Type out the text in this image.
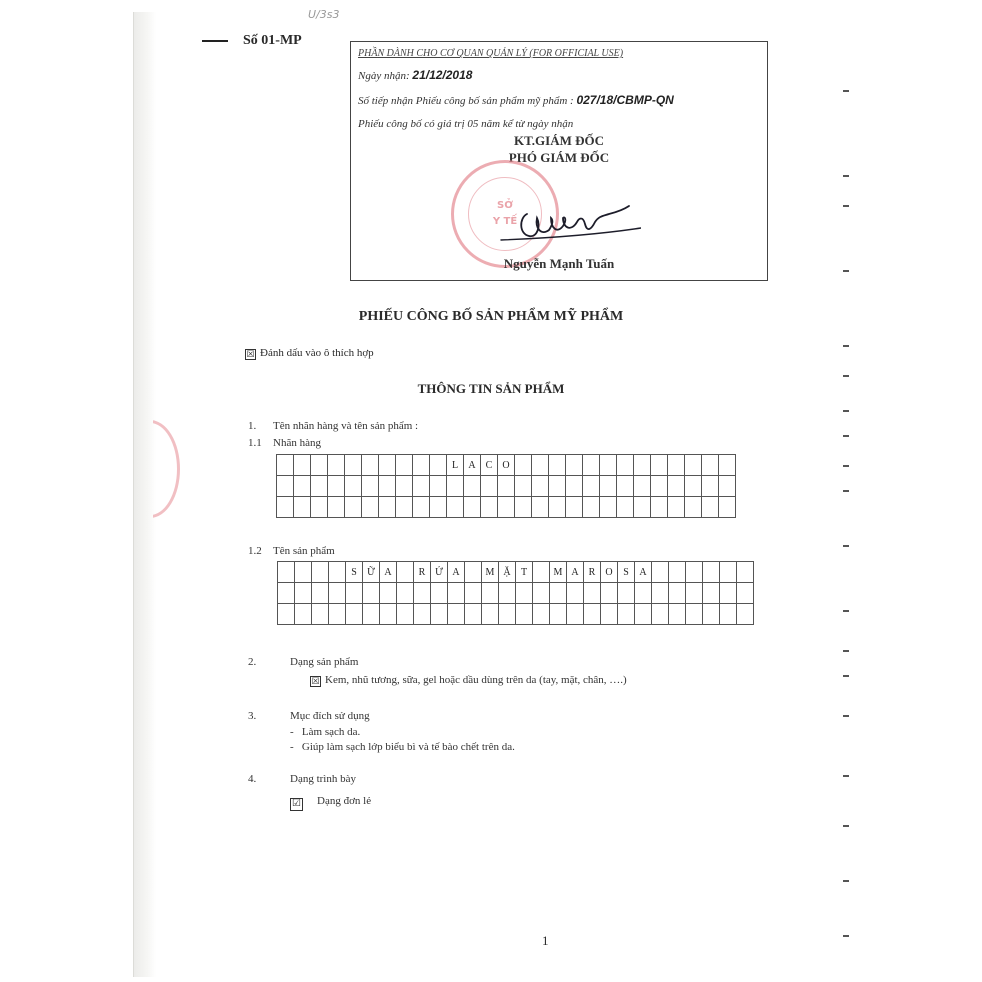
U/3s3
Số 01-MP
PHẦN DÀNH CHO CƠ QUAN QUẢN LÝ (FOR OFFICIAL USE)
Ngày nhận: 21/12/2018
Số tiếp nhận Phiếu công bố sản phẩm mỹ phẩm : 027/18/CBMP-QN
Phiếu công bố có giá trị 05 năm kể từ ngày nhận
KT.GIÁM ĐỐC
PHÓ GIÁM ĐỐC
SỞ
Y TẾ
Nguyễn Mạnh Tuấn
PHIẾU CÔNG BỐ SẢN PHẨM MỸ PHẨM
☒ Đánh dấu vào ô thích hợp
THÔNG TIN SẢN PHẨM
1. Tên nhãn hàng và tên sản phẩm :
1.1 Nhãn hàng
L	A	C	O
1.2 Tên sản phẩm
S	Ữ A	R Ử A	M Ặ	T	M A	R	O	S	A
2.	Dạng sản phẩm
☒ Kem, nhũ tương, sữa, gel hoặc dầu dùng trên da (tay, mặt, chân, ….)
3.	Mục đích sử dụng
- Làm sạch da.
- Giúp làm sạch lớp biểu bì và tế bào chết trên da.
4.	Dạng trình bày
☑ Dạng đơn lẻ
1
